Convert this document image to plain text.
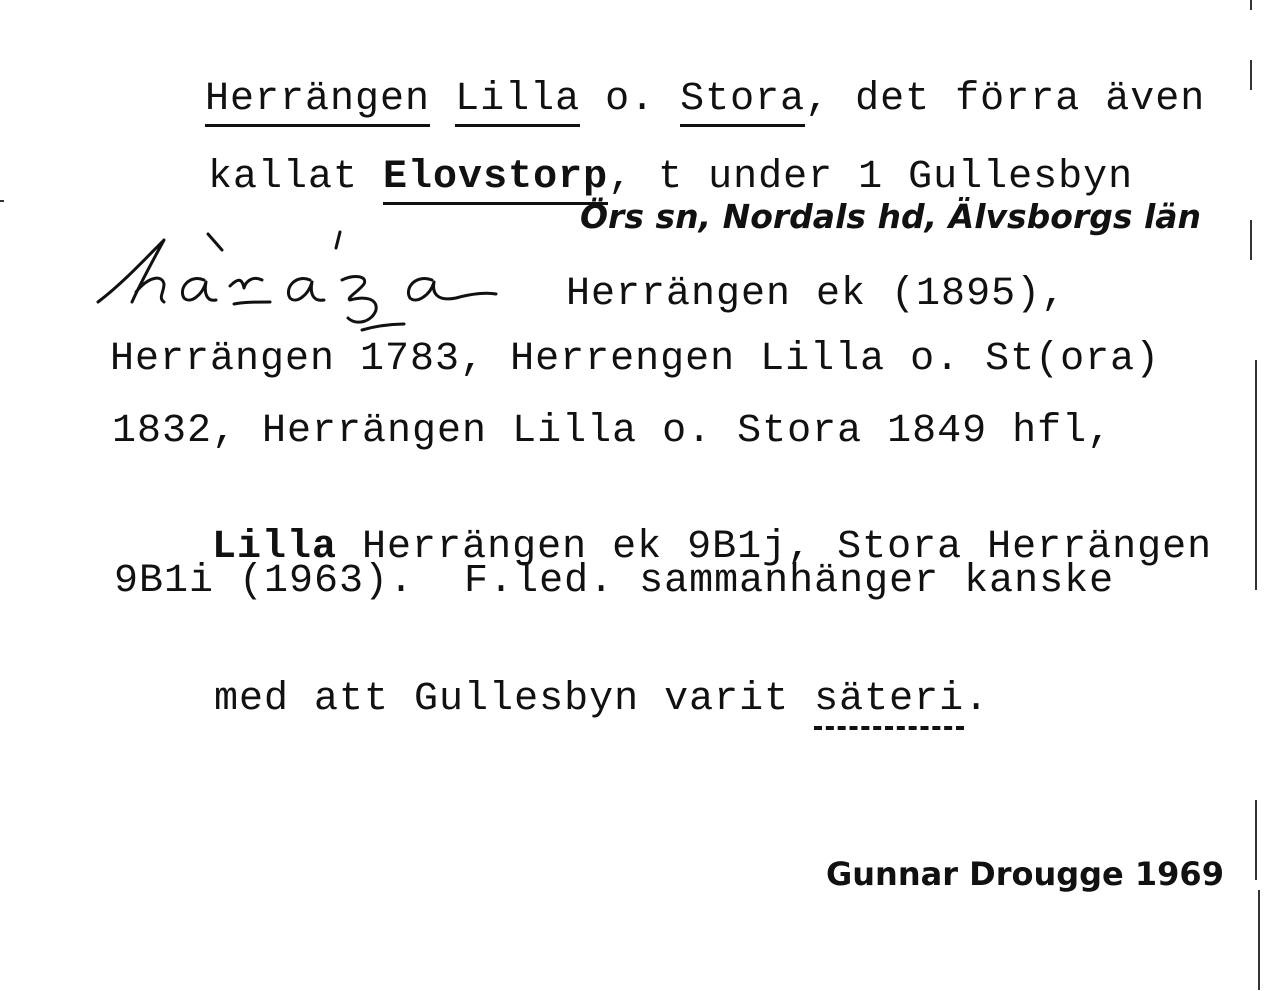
Herrängen Lilla o. Stora, det förra även

kallat Elovstorp, t under 1 Gullesbyn

Örs sn, Nordals hd, Älvsborgs län
Herrängen ek (1895),
Herrängen 1783, Herrengen Lilla o. St(ora)
1832, Herrängen Lilla o. Stora 1849 hfl,

Lilla Herrängen ek 9B1j, Stora Herrängen

9B1i (1963).  F.led. sammanhänger kanske

med att Gullesbyn varit säteri.

Gunnar Drougge 1969
